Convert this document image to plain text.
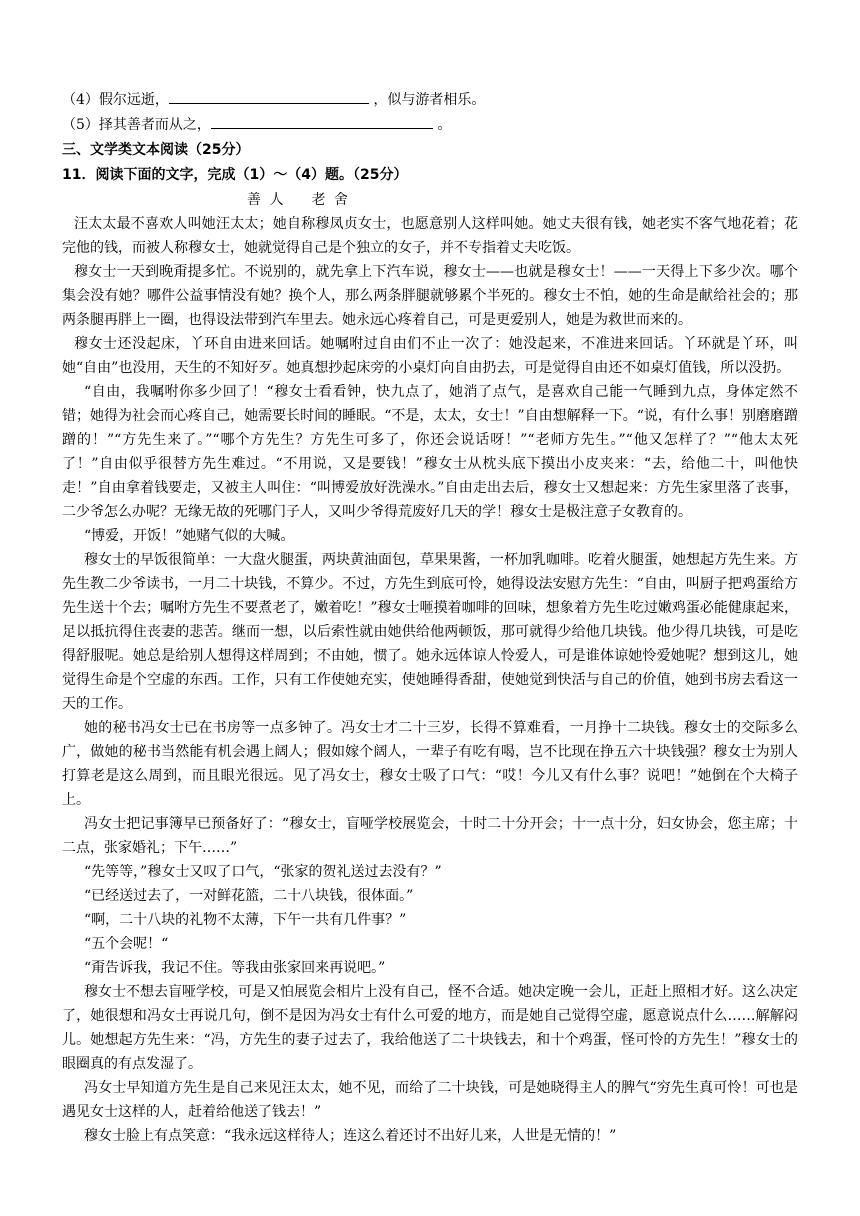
（4）假尔远逝，	，似与游者相乐。
（5）择其善者而从之，	。
三、文学类文本阅读（25分）
11．阅读下面的文字，完成（1）～（4）题。（25分）
善 人 老 舍

汪太太最不喜欢人叫她汪太太；她自称穆凤贞女士，也愿意别人这样叫她。她丈夫很有钱，她老实不客气地花着；花完他的钱，而被人称穆女士，她就觉得自己是个独立的女子，并不专指着丈夫吃饭。

穆女士一天到晚甭提多忙。不说别的，就先拿上下汽车说，穆女士——也就是穆女士！——一天得上下多少次。哪个集会没有她？哪件公益事情没有她？换个人，那么两条胖腿就够累个半死的。穆女士不怕，她的生命是献给社会的；那两条腿再胖上一圈，也得设法带到汽车里去。她永远心疼着自己，可是更爱别人，她是为救世而来的。

穆女士还没起床，丫环自由进来回话。她嘱咐过自由们不止一次了：她没起来，不准进来回话。丫环就是丫环，叫她“自由”也没用，天生的不知好歹。她真想抄起床旁的小桌灯向自由扔去，可是觉得自由还不如桌灯值钱，所以没扔。

“自由，我嘱咐你多少回了！“穆女士看看钟，快九点了，她消了点气，是喜欢自己能一气睡到九点，身体定然不错；她得为社会而心疼自己，她需要长时间的睡眠。“不是，太太，女士！”自由想解释一下。“说，有什么事！别磨磨蹭蹭的！”“方先生来了。”“哪个方先生？方先生可多了，你还会说话呀！”“老师方先生。”“他又怎样了？”“他太太死了！”自由似乎很替方先生难过。“不用说，又是要钱！”穆女士从枕头底下摸出小皮夹来：“去，给他二十，叫他快走！”自由拿着钱要走，又被主人叫住：“叫博爱放好洗澡水。”自由走出去后，穆女士又想起来：方先生家里落了丧事，二少爷怎么办呢？无缘无故的死哪门子人，又叫少爷得荒废好几天的学！穆女士是极注意子女教育的。

“博爱，开饭！”她赌气似的大喊。

穆女士的早饭很简单：一大盘火腿蛋，两块黄油面包，草果果酱，一杯加乳咖啡。吃着火腿蛋，她想起方先生来。方先生教二少爷读书，一月二十块钱，不算少。不过，方先生到底可怜，她得设法安慰方先生：“自由，叫厨子把鸡蛋给方先生送十个去；嘱咐方先生不要煮老了，嫩着吃！”穆女士咂摸着咖啡的回味，想象着方先生吃过嫩鸡蛋必能健康起来，足以抵抗得住丧妻的悲苦。继而一想，以后索性就由她供给他两顿饭，那可就得少给他几块钱。他少得几块钱，可是吃得舒服呢。她总是给别人想得这样周到；不由她，惯了。她永远体谅人怜爱人，可是谁体谅她怜爱她呢？想到这儿，她觉得生命是个空虚的东西。工作，只有工作使她充实，使她睡得香甜，使她觉到快活与自己的价值，她到书房去看这一天的工作。

她的秘书冯女士已在书房等一点多钟了。冯女士才二十三岁，长得不算难看，一月挣十二块钱。穆女士的交际多么广，做她的秘书当然能有机会遇上阔人；假如嫁个阔人，一辈子有吃有喝，岂不比现在挣五六十块钱强？穆女士为别人打算老是这么周到，而且眼光很远。见了冯女士，穆女士吸了口气：“哎！今儿又有什么事？说吧！”她倒在个大椅子上。

冯女士把记事簿早已预备好了：“穆女士，盲哑学校展览会，十时二十分开会；十一点十分，妇女协会，您主席；十二点，张家婚礼；下午……”

“先等等，”穆女士又叹了口气，“张家的贺礼送过去没有？”

“已经送过去了，一对鲜花篮，二十八块钱，很体面。”

“啊，二十八块的礼物不太薄，下午一共有几件事？”

“五个会呢！“

“甭告诉我，我记不住。等我由张家回来再说吧。”

穆女士不想去盲哑学校，可是又怕展览会相片上没有自己，怪不合适。她决定晚一会儿，正赶上照相才好。这么决定了，她很想和冯女士再说几句，倒不是因为冯女士有什么可爱的地方，而是她自己觉得空虚，愿意说点什么……解解闷儿。她想起方先生来：“冯，方先生的妻子过去了，我给他送了二十块钱去，和十个鸡蛋，怪可怜的方先生！”穆女士的眼圈真的有点发湿了。

冯女士早知道方先生是自己来见汪太太，她不见，而给了二十块钱，可是她晓得主人的脾气“穷先生真可怜！可也是遇见女士这样的人，赶着给他送了钱去！”

穆女士脸上有点笑意：“我永远这样待人；连这么着还讨不出好儿来，人世是无情的！”
